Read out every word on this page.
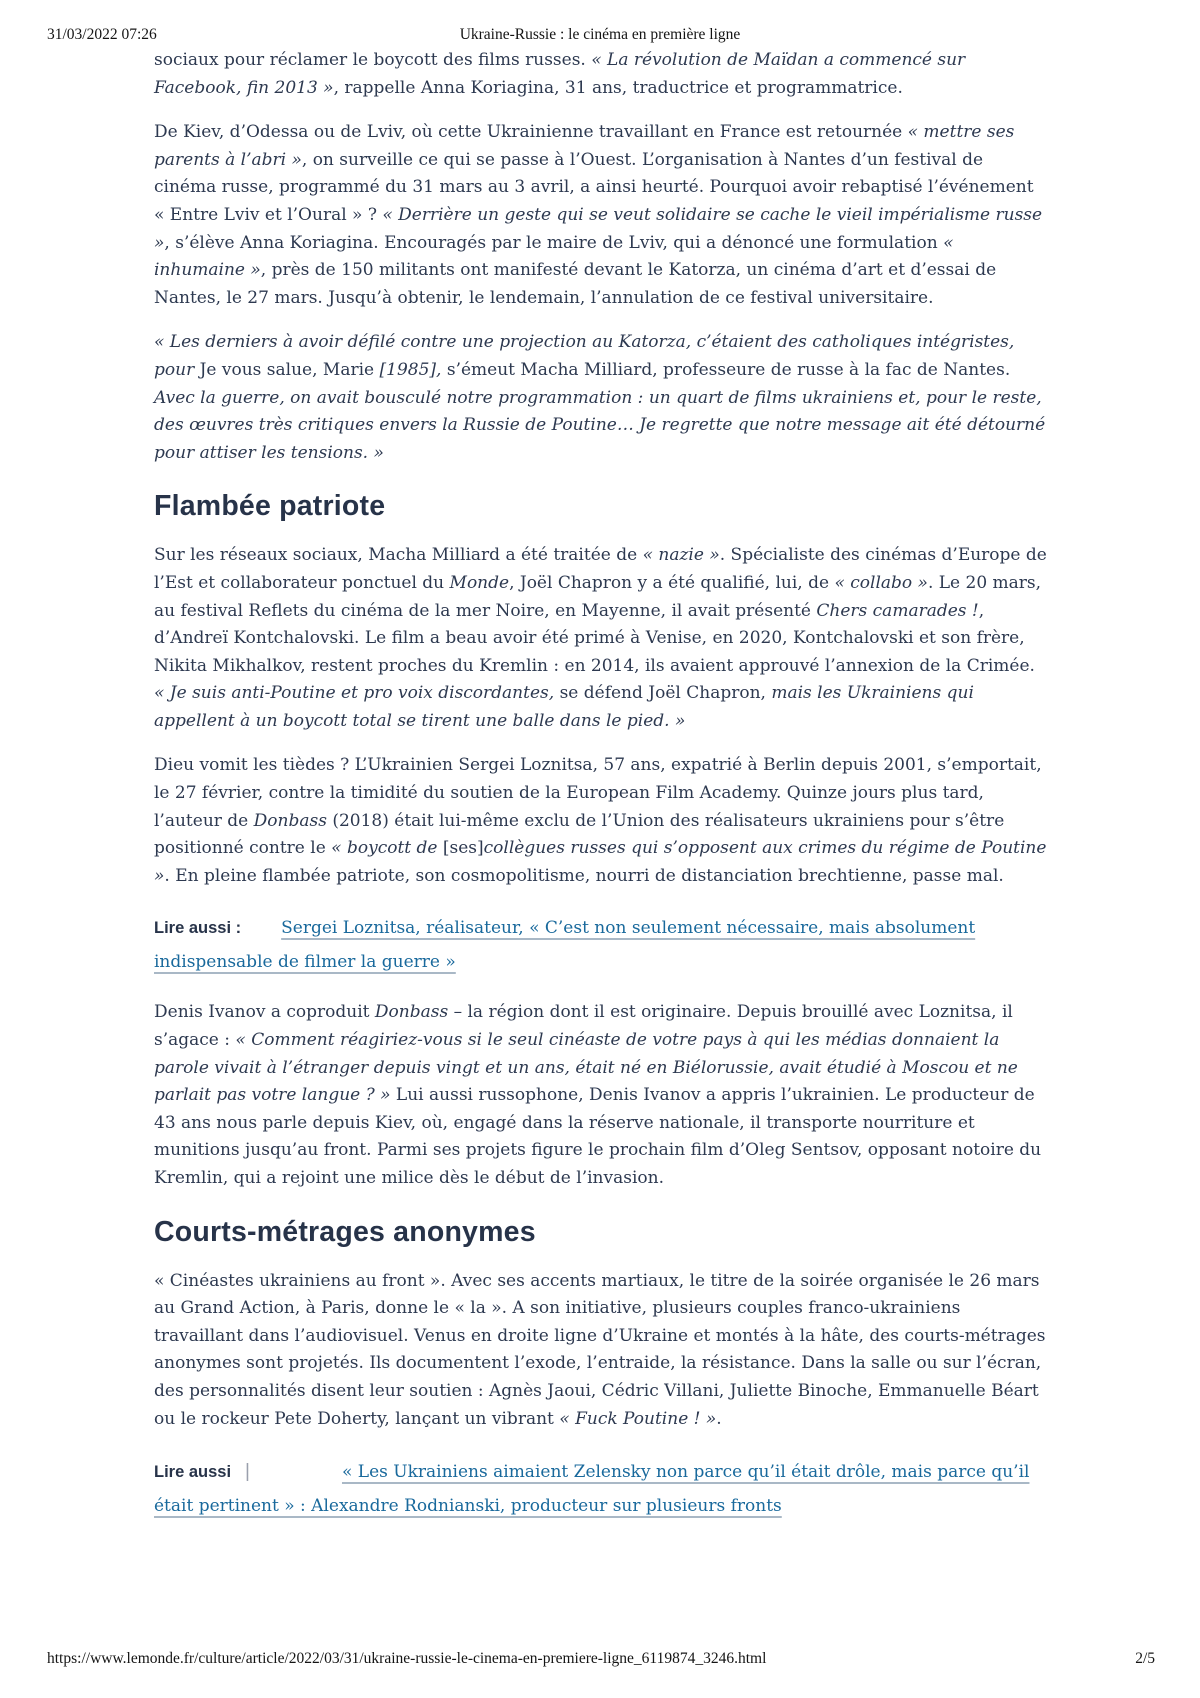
Ukraine-Russie : le cinéma en première ligne
31/03/2022 07:26

sociaux pour réclamer le boycott des films russes. « La révolution de Maïdan a commencé sur Facebook, fin 2013 », rappelle Anna Koriagina, 31 ans, traductrice et programmatrice.

De Kiev, d’Odessa ou de Lviv, où cette Ukrainienne travaillant en France est retournée « mettre ses parents à l’abri », on surveille ce qui se passe à l’Ouest. L’organisation à Nantes d’un festival de cinéma russe, programmé du 31 mars au 3 avril, a ainsi heurté. Pourquoi avoir rebaptisé l’événement « Entre Lviv et l’Oural » ? « Derrière un geste qui se veut solidaire se cache le vieil impérialisme russe », s’élève Anna Koriagina. Encouragés par le maire de Lviv, qui a dénoncé une formulation « inhumaine », près de 150 militants ont manifesté devant le Katorza, un cinéma d’art et d’essai de Nantes, le 27 mars. Jusqu’à obtenir, le lendemain, l’annulation de ce festival universitaire.

« Les derniers à avoir défilé contre une projection au Katorza, c’étaient des catholiques intégristes, pour Je vous salue, Marie [1985], s’émeut Macha Milliard, professeure de russe à la fac de Nantes. Avec la guerre, on avait bousculé notre programmation : un quart de films ukrainiens et, pour le reste, des œuvres très critiques envers la Russie de Poutine… Je regrette que notre message ait été détourné pour attiser les tensions. »

Flambée patriote

Sur les réseaux sociaux, Macha Milliard a été traitée de « nazie ». Spécialiste des cinémas d’Europe de l’Est et collaborateur ponctuel du Monde, Joël Chapron y a été qualifié, lui, de « collabo ». Le 20 mars, au festival Reflets du cinéma de la mer Noire, en Mayenne, il avait présenté Chers camarades !, d’Andreï Kontchalovski. Le film a beau avoir été primé à Venise, en 2020, Kontchalovski et son frère, Nikita Mikhalkov, restent proches du Kremlin : en 2014, ils avaient approuvé l’annexion de la Crimée. « Je suis anti-Poutine et pro voix discordantes, se défend Joël Chapron, mais les Ukrainiens qui appellent à un boycott total se tirent une balle dans le pied. »

Dieu vomit les tièdes ? L’Ukrainien Sergei Loznitsa, 57 ans, expatrié à Berlin depuis 2001, s’emportait, le 27 février, contre la timidité du soutien de la European Film Academy. Quinze jours plus tard, l’auteur de Donbass (2018) était lui-même exclu de l’Union des réalisateurs ukrainiens pour s’être positionné contre le « boycott de [ses]collègues russes qui s’opposent aux crimes du régime de Poutine ». En pleine flambée patriote, son cosmopolitisme, nourri de distanciation brechtienne, passe mal.

Lire aussi : Sergei Loznitsa, réalisateur, « C’est non seulement nécessaire, mais absolument indispensable de filmer la guerre »

Denis Ivanov a coproduit Donbass – la région dont il est originaire. Depuis brouillé avec Loznitsa, il s’agace : « Comment réagiriez-vous si le seul cinéaste de votre pays à qui les médias donnaient la parole vivait à l’étranger depuis vingt et un ans, était né en Biélorussie, avait étudié à Moscou et ne parlait pas votre langue ? » Lui aussi russophone, Denis Ivanov a appris l’ukrainien. Le producteur de 43 ans nous parle depuis Kiev, où, engagé dans la réserve nationale, il transporte nourriture et munitions jusqu’au front. Parmi ses projets figure le prochain film d’Oleg Sentsov, opposant notoire du Kremlin, qui a rejoint une milice dès le début de l’invasion.

Courts-métrages anonymes

« Cinéastes ukrainiens au front ». Avec ses accents martiaux, le titre de la soirée organisée le 26 mars au Grand Action, à Paris, donne le « la ». A son initiative, plusieurs couples franco-ukrainiens travaillant dans l’audiovisuel. Venus en droite ligne d’Ukraine et montés à la hâte, des courts-métrages anonymes sont projetés. Ils documentent l’exode, l’entraide, la résistance. Dans la salle ou sur l’écran, des personnalités disent leur soutien : Agnès Jaoui, Cédric Villani, Juliette Binoche, Emmanuelle Béart ou le rockeur Pete Doherty, lançant un vibrant « Fuck Poutine ! ».

Lire aussi |	« Les Ukrainiens aimaient Zelensky non parce qu’il était drôle, mais parce qu’il était pertinent » : Alexandre Rodnianski, producteur sur plusieurs fronts
https://www.lemonde.fr/culture/article/2022/03/31/ukraine-russie-le-cinema-en-premiere-ligne_6119874_3246.html	2/5
